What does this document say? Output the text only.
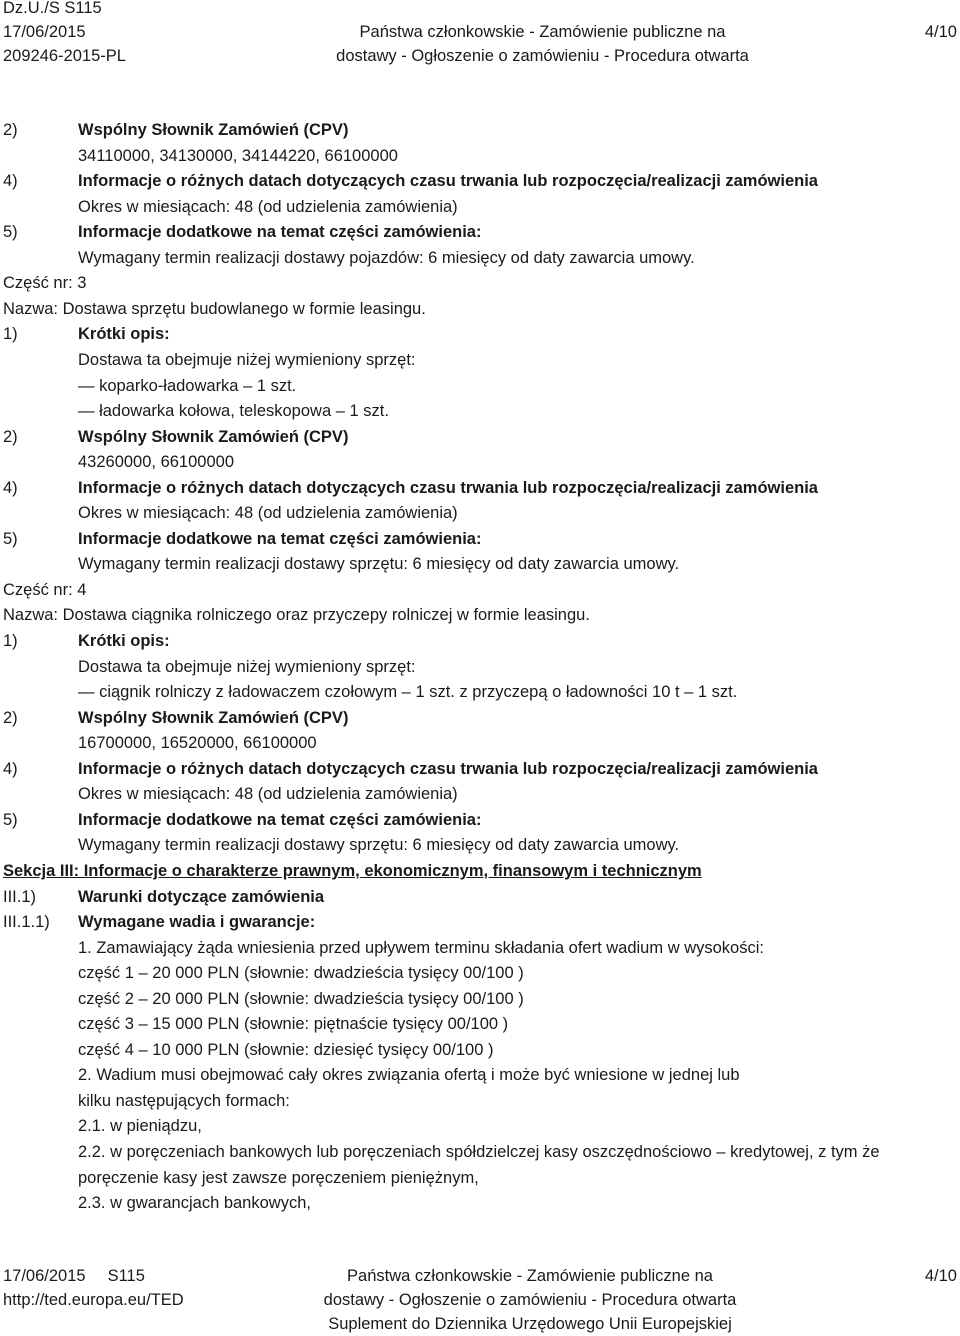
Dz.U./S S115
17/06/2015
209246-2015-PL
Państwa członkowskie - Zamówienie publiczne na
dostawy - Ogłoszenie o zamówieniu - Procedura otwarta
4/10
2)	Wspólny Słownik Zamówień (CPV)
34110000, 34130000, 34144220, 66100000
4)	Informacje o różnych datach dotyczących czasu trwania lub rozpoczęcia/realizacji zamówienia
Okres w miesiącach: 48 (od udzielenia zamówienia)
5)	Informacje dodatkowe na temat części zamówienia:
Wymagany termin realizacji dostawy pojazdów: 6 miesięcy od daty zawarcia umowy.
Część nr: 3
Nazwa: Dostawa sprzętu budowlanego w formie leasingu.
1)	Krótki opis:
Dostawa ta obejmuje niżej wymieniony sprzęt:
— koparko-ładowarka – 1 szt.
— ładowarka kołowa, teleskopowa – 1 szt.
2)	Wspólny Słownik Zamówień (CPV)
43260000, 66100000
4)	Informacje o różnych datach dotyczących czasu trwania lub rozpoczęcia/realizacji zamówienia
Okres w miesiącach: 48 (od udzielenia zamówienia)
5)	Informacje dodatkowe na temat części zamówienia:
Wymagany termin realizacji dostawy sprzętu: 6 miesięcy od daty zawarcia umowy.
Część nr: 4
Nazwa: Dostawa ciągnika rolniczego oraz przyczepy rolniczej w formie leasingu.
1)	Krótki opis:
Dostawa ta obejmuje niżej wymieniony sprzęt:
— ciągnik rolniczy z ładowaczem czołowym – 1 szt. z przyczepą o ładowności 10 t – 1 szt.
2)	Wspólny Słownik Zamówień (CPV)
16700000, 16520000, 66100000
4)	Informacje o różnych datach dotyczących czasu trwania lub rozpoczęcia/realizacji zamówienia
Okres w miesiącach: 48 (od udzielenia zamówienia)
5)	Informacje dodatkowe na temat części zamówienia:
Wymagany termin realizacji dostawy sprzętu: 6 miesięcy od daty zawarcia umowy.
Sekcja III: Informacje o charakterze prawnym, ekonomicznym, finansowym i technicznym
III.1)	Warunki dotyczące zamówienia
III.1.1) Wymagane wadia i gwarancje:
1. Zamawiający żąda wniesienia przed upływem terminu składania ofert wadium w wysokości:
część 1 – 20 000 PLN (słownie: dwadzieścia tysięcy 00/100 )
część 2 – 20 000 PLN (słownie: dwadzieścia tysięcy 00/100 )
część 3 – 15 000 PLN (słownie: piętnaście tysięcy 00/100 )
część 4 – 10 000 PLN (słownie: dziesięć tysięcy 00/100 )
2. Wadium musi obejmować cały okres związania ofertą i może być wniesione w jednej lub
kilku następujących formach:
2.1. w pieniądzu,
2.2. w poręczeniach bankowych lub poręczeniach spółdzielczej kasy oszczędnościowo – kredytowej, z tym że
poręczenie kasy jest zawsze poręczeniem pieniężnym,
2.3. w gwarancjach bankowych,
17/06/2015 S115
http://ted.europa.eu/TED
Państwa członkowskie - Zamówienie publiczne na
dostawy - Ogłoszenie o zamówieniu - Procedura otwarta
Suplement do Dziennika Urzędowego Unii Europejskiej
4/10
